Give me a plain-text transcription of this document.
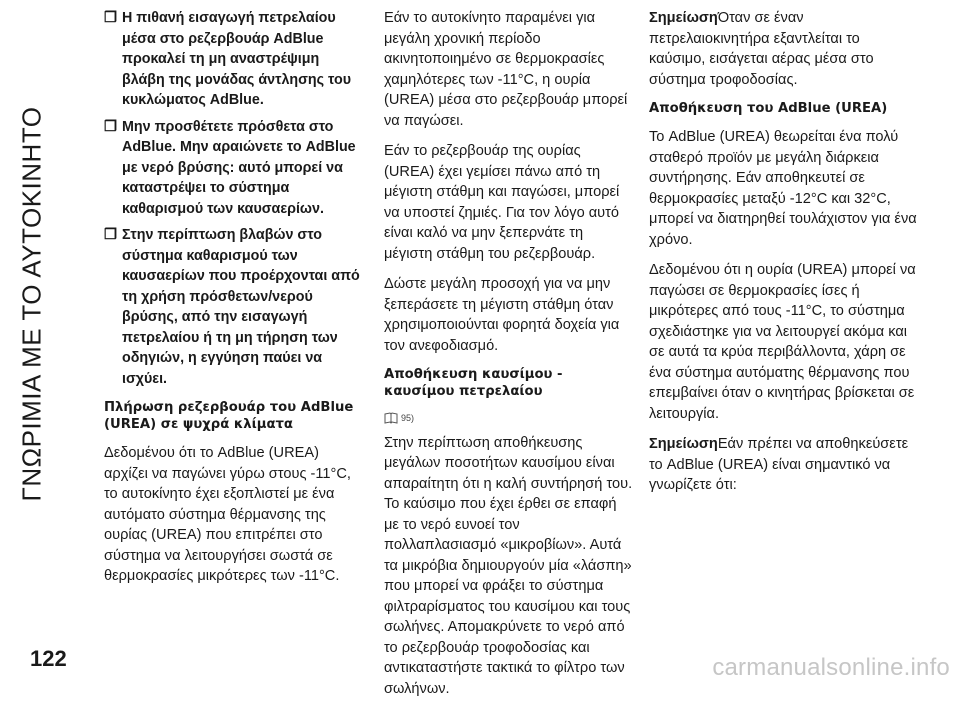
ΓΝΩΡΙΜΙΑ ΜΕ ΤΟ ΑΥΤΟΚΙΝΗΤΟ
❒ Η πιθανή εισαγωγή πετρελαίου μέσα στο ρεζερβουάρ AdBlue προκαλεί τη μη αναστρέψιμη βλάβη της μονάδας άντλησης του κυκλώματος AdBlue.
❒ Μην προσθέτετε πρόσθετα στο AdBlue. Μην αραιώνετε το AdBlue με νερό βρύσης: αυτό μπορεί να καταστρέψει το σύστημα καθαρισμού των καυσαερίων.
❒ Στην περίπτωση βλαβών στο σύστημα καθαρισμού των καυσαερίων που προέρχονται από τη χρήση πρόσθετων/νερού βρύσης, από την εισαγωγή πετρελαίου ή τη μη τήρηση των οδηγιών, η εγγύηση παύει να ισχύει.
Πλήρωση ρεζερβουάρ του AdBlue (UREA) σε ψυχρά κλίματα

Δεδομένου ότι το AdBlue (UREA) αρχίζει να παγώνει γύρω στους -11°C, το αυτοκίνητο έχει εξοπλιστεί με ένα αυτόματο σύστημα θέρμανσης της ουρίας (UREA) που επιτρέπει στο σύστημα να λειτουργήσει σωστά σε θερμοκρασίες μικρότερες των -11°C.

Εάν το αυτοκίνητο παραμένει για μεγάλη χρονική περίοδο ακινητοποιημένο σε θερμοκρασίες χαμηλότερες των -11°C, η ουρία (UREA) μέσα στο ρεζερβουάρ μπορεί να παγώσει.

Εάν το ρεζερβουάρ της ουρίας (UREA) έχει γεμίσει πάνω από τη μέγιστη στάθμη και παγώσει, μπορεί να υποστεί ζημιές. Για τον λόγο αυτό είναι καλό να μην ξεπερνάτε τη μέγιστη στάθμη του ρεζερβουάρ.

Δώστε μεγάλη προσοχή για να μην ξεπεράσετε τη μέγιστη στάθμη όταν χρησιμοποιούνται φορητά δοχεία για τον ανεφοδιασμό.

Αποθήκευση καυσίμου - καυσίμου πετρελαίου
95)

Στην περίπτωση αποθήκευσης μεγάλων ποσοτήτων καυσίμου είναι απαραίτητη ότι η καλή συντήρησή του. Το καύσιμο που έχει έρθει σε επαφή με το νερό ευνοεί τον πολλαπλασιασμό «μικροβίων». Αυτά τα μικρόβια δημιουργούν μία «λάσπη» που μπορεί να φράξει το σύστημα φιλτραρίσματος του καυσίμου και τους σωλήνες. Απομακρύνετε το νερό από το ρεζερβουάρ τροφοδοσίας και αντικαταστήστε τακτικά το φίλτρο των σωλήνων.

ΣημείωσηΌταν σε έναν πετρελαιοκινητήρα εξαντλείται το καύσιμο, εισάγεται αέρας μέσα στο σύστημα τροφοδοσίας.

Αποθήκευση του AdBlue (UREA)

Το AdBlue (UREA) θεωρείται ένα πολύ σταθερό προϊόν με μεγάλη διάρκεια συντήρησης. Εάν αποθηκευτεί σε θερμοκρασίες μεταξύ -12°C και 32°C, μπορεί να διατηρηθεί τουλάχιστον για ένα χρόνο.

Δεδομένου ότι η ουρία (UREA) μπορεί να παγώσει σε θερμοκρασίες ίσες ή μικρότερες από τους -11°C, το σύστημα σχεδιάστηκε για να λειτουργεί ακόμα και σε αυτά τα κρύα περιβάλλοντα, χάρη σε ένα σύστημα αυτόματης θέρμανσης που επεμβαίνει όταν ο κινητήρας βρίσκεται σε λειτουργία.

ΣημείωσηΕάν πρέπει να αποθηκεύσετε το AdBlue (UREA) είναι σημαντικό να γνωρίζετε ότι:

122	carmanualsonline.info
